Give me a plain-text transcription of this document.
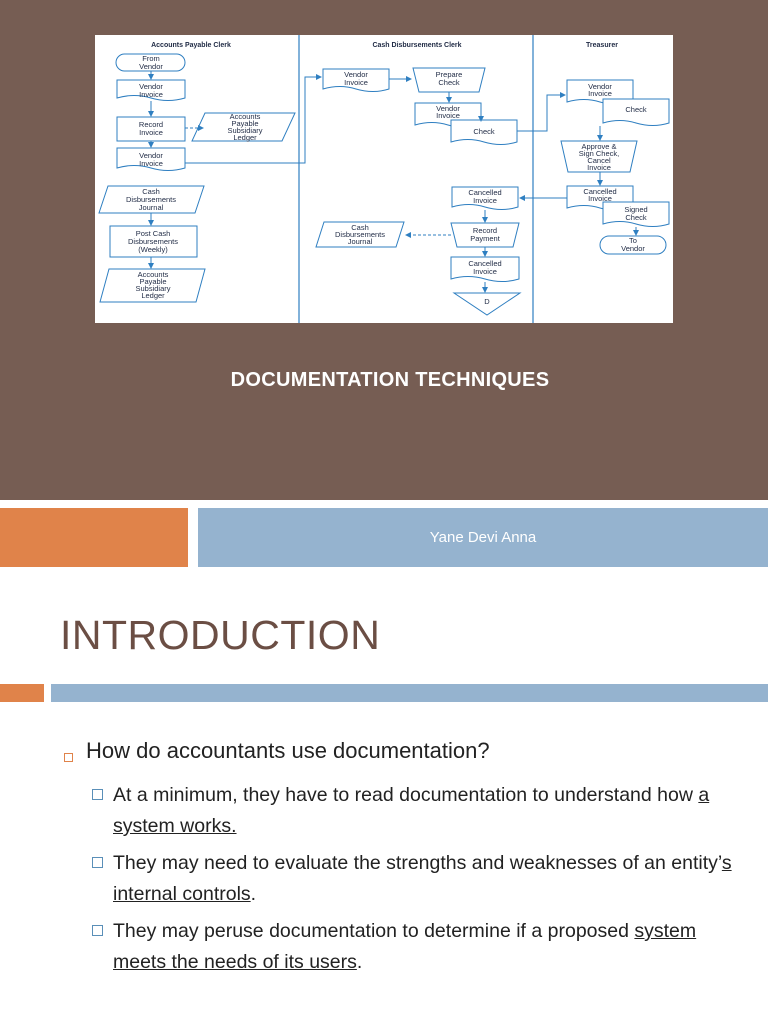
Accounts Payable Clerk	Cash Disbursements Clerk	Treasurer
From
Vendor
Vendor
Invoice
Record
Invoice
Accounts
Payable
Subsidiary
Ledger
Vendor
Invoice
Cash
Disbursements
Journal
Post Cash
Disbursements
(Weekly)
Accounts
Payable
Subsidiary
Ledger
Vendor
Invoice
Prepare
Check
Vendor
Invoice
Check
Cancelled
Invoice
Cash
Disbursements
Journal
Record
Payment
Cancelled
Invoice
D
Vendor
Invoice
Check
Approve &
Sign Check,
Cancel
Invoice
Cancelled
Invoice
Signed
Check
To
Vendor
DOCUMENTATION TECHNIQUES
Yane Devi Anna
INTRODUCTION
How do accountants use documentation?
At a minimum, they have to read documentation to understand how a system works.
They may need to evaluate the strengths and weaknesses of an entity’s internal controls.
They may peruse documentation to determine if a proposed system meets the needs of its users.
